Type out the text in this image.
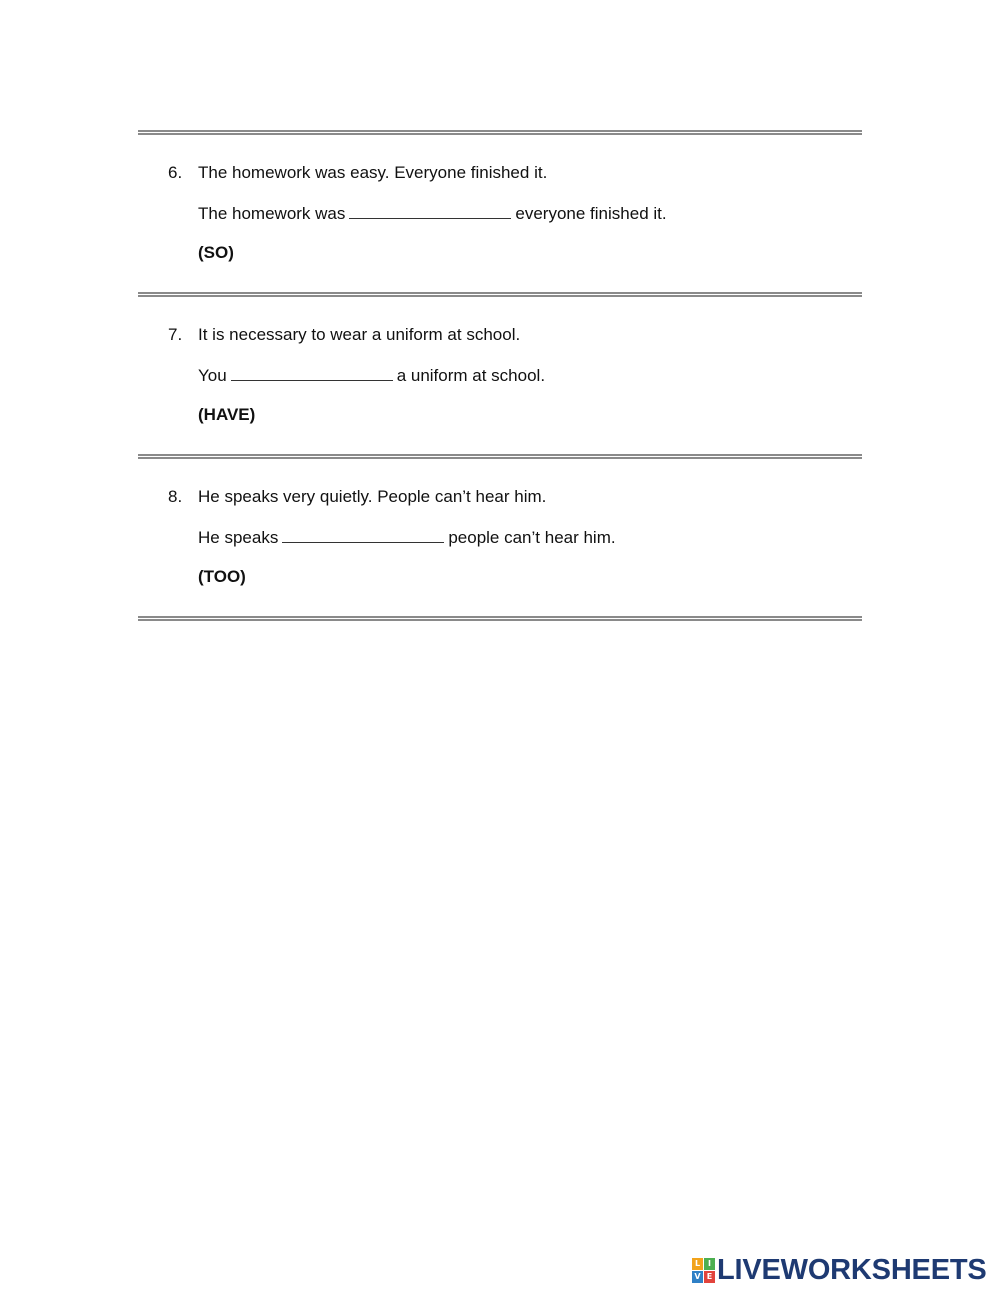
6. The homework was easy. Everyone finished it.
The homework was	everyone finished it.
(SO)
7. It is necessary to wear a uniform at school.
You	a uniform at school.
(HAVE)
8. He speaks very quietly. People can’t hear him.
He speaks	people can’t hear him.
(TOO)
L I
V E LIVEWORKSHEETS
